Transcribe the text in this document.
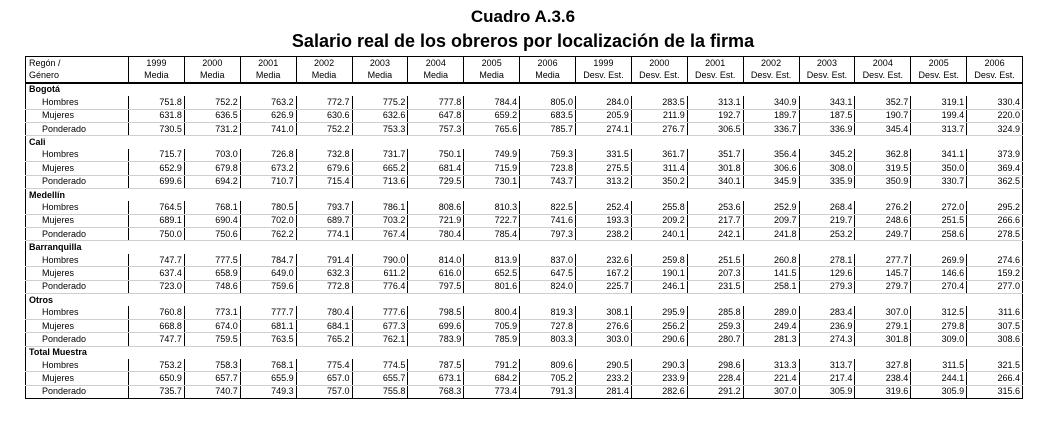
Cuadro A.3.6
Salario real de los obreros por localización de la firma
Regón /	1999	2000	2001	2002	2003	2004	2005	2006	1999	2000	2001	2002	2003	2004	2005	2006
Género	Media	Media	Media	Media	Media	Media	Media	Media	Desv. Est.	Desv. Est.	Desv. Est.	Desv. Est.	Desv. Est.	Desv. Est.	Desv. Est.	Desv. Est.
Bogotá																
Hombres	751.8	752.2	763.2	772.7	775.2	777.8	784.4	805.0	284.0	283.5	313.1	340.9	343.1	352.7	319.1	330.4
Mujeres	631.8	636.5	626.9	630.6	632.6	647.8	659.2	683.5	205.9	211.9	192.7	189.7	187.5	190.7	199.4	220.0
Ponderado	730.5	731.2	741.0	752.2	753.3	757.3	765.6	785.7	274.1	276.7	306.5	336.7	336.9	345.4	313.7	324.9
Cali																
Hombres	715.7	703.0	726.8	732.8	731.7	750.1	749.9	759.3	331.5	361.7	351.7	356.4	345.2	362.8	341.1	373.9
Mujeres	652.9	679.8	673.2	679.6	665.2	681.4	715.9	723.8	275.5	311.4	301.8	306.6	308.0	319.5	350.0	369.4
Ponderado	699.6	694.2	710.7	715.4	713.6	729.5	730.1	743.7	313.2	350.2	340.1	345.9	335.9	350.9	330.7	362.5
Medellín																
Hombres	764.5	768.1	780.5	793.7	786.1	808.6	810.3	822.5	252.4	255.8	253.6	252.9	268.4	276.2	272.0	295.2
Mujeres	689.1	690.4	702.0	689.7	703.2	721.9	722.7	741.6	193.3	209.2	217.7	209.7	219.7	248.6	251.5	266.6
Ponderado	750.0	750.6	762.2	774.1	767.4	780.4	785.4	797.3	238.2	240.1	242.1	241.8	253.2	249.7	258.6	278.5
Barranquilla																
Hombres	747.7	777.5	784.7	791.4	790.0	814.0	813.9	837.0	232.6	259.8	251.5	260.8	278.1	277.7	269.9	274.6
Mujeres	637.4	658.9	649.0	632.3	611.2	616.0	652.5	647.5	167.2	190.1	207.3	141.5	129.6	145.7	146.6	159.2
Ponderado	723.0	748.6	759.6	772.8	776.4	797.5	801.6	824.0	225.7	246.1	231.5	258.1	279.3	279.7	270.4	277.0
Otros																
Hombres	760.8	773.1	777.7	780.4	777.6	798.5	800.4	819.3	308.1	295.9	285.8	289.0	283.4	307.0	312.5	311.6
Mujeres	668.8	674.0	681.1	684.1	677.3	699.6	705.9	727.8	276.6	256.2	259.3	249.4	236.9	279.1	279.8	307.5
Ponderado	747.7	759.5	763.5	765.2	762.1	783.9	785.9	803.3	303.0	290.6	280.7	281.3	274.3	301.8	309.0	308.6
Total Muestra																
Hombres	753.2	758.3	768.1	775.4	774.5	787.5	791.2	809.6	290.5	290.3	298.6	313.3	313.7	327.8	311.5	321.5
Mujeres	650.9	657.7	655.9	657.0	655.7	673.1	684.2	705.2	233.2	233.9	228.4	221.4	217.4	238.4	244.1	266.4
Ponderado	735.7	740.7	749.3	757.0	755.8	768.3	773.4	791.3	281.4	282.6	291.2	307.0	305.9	319.6	305.9	315.6
